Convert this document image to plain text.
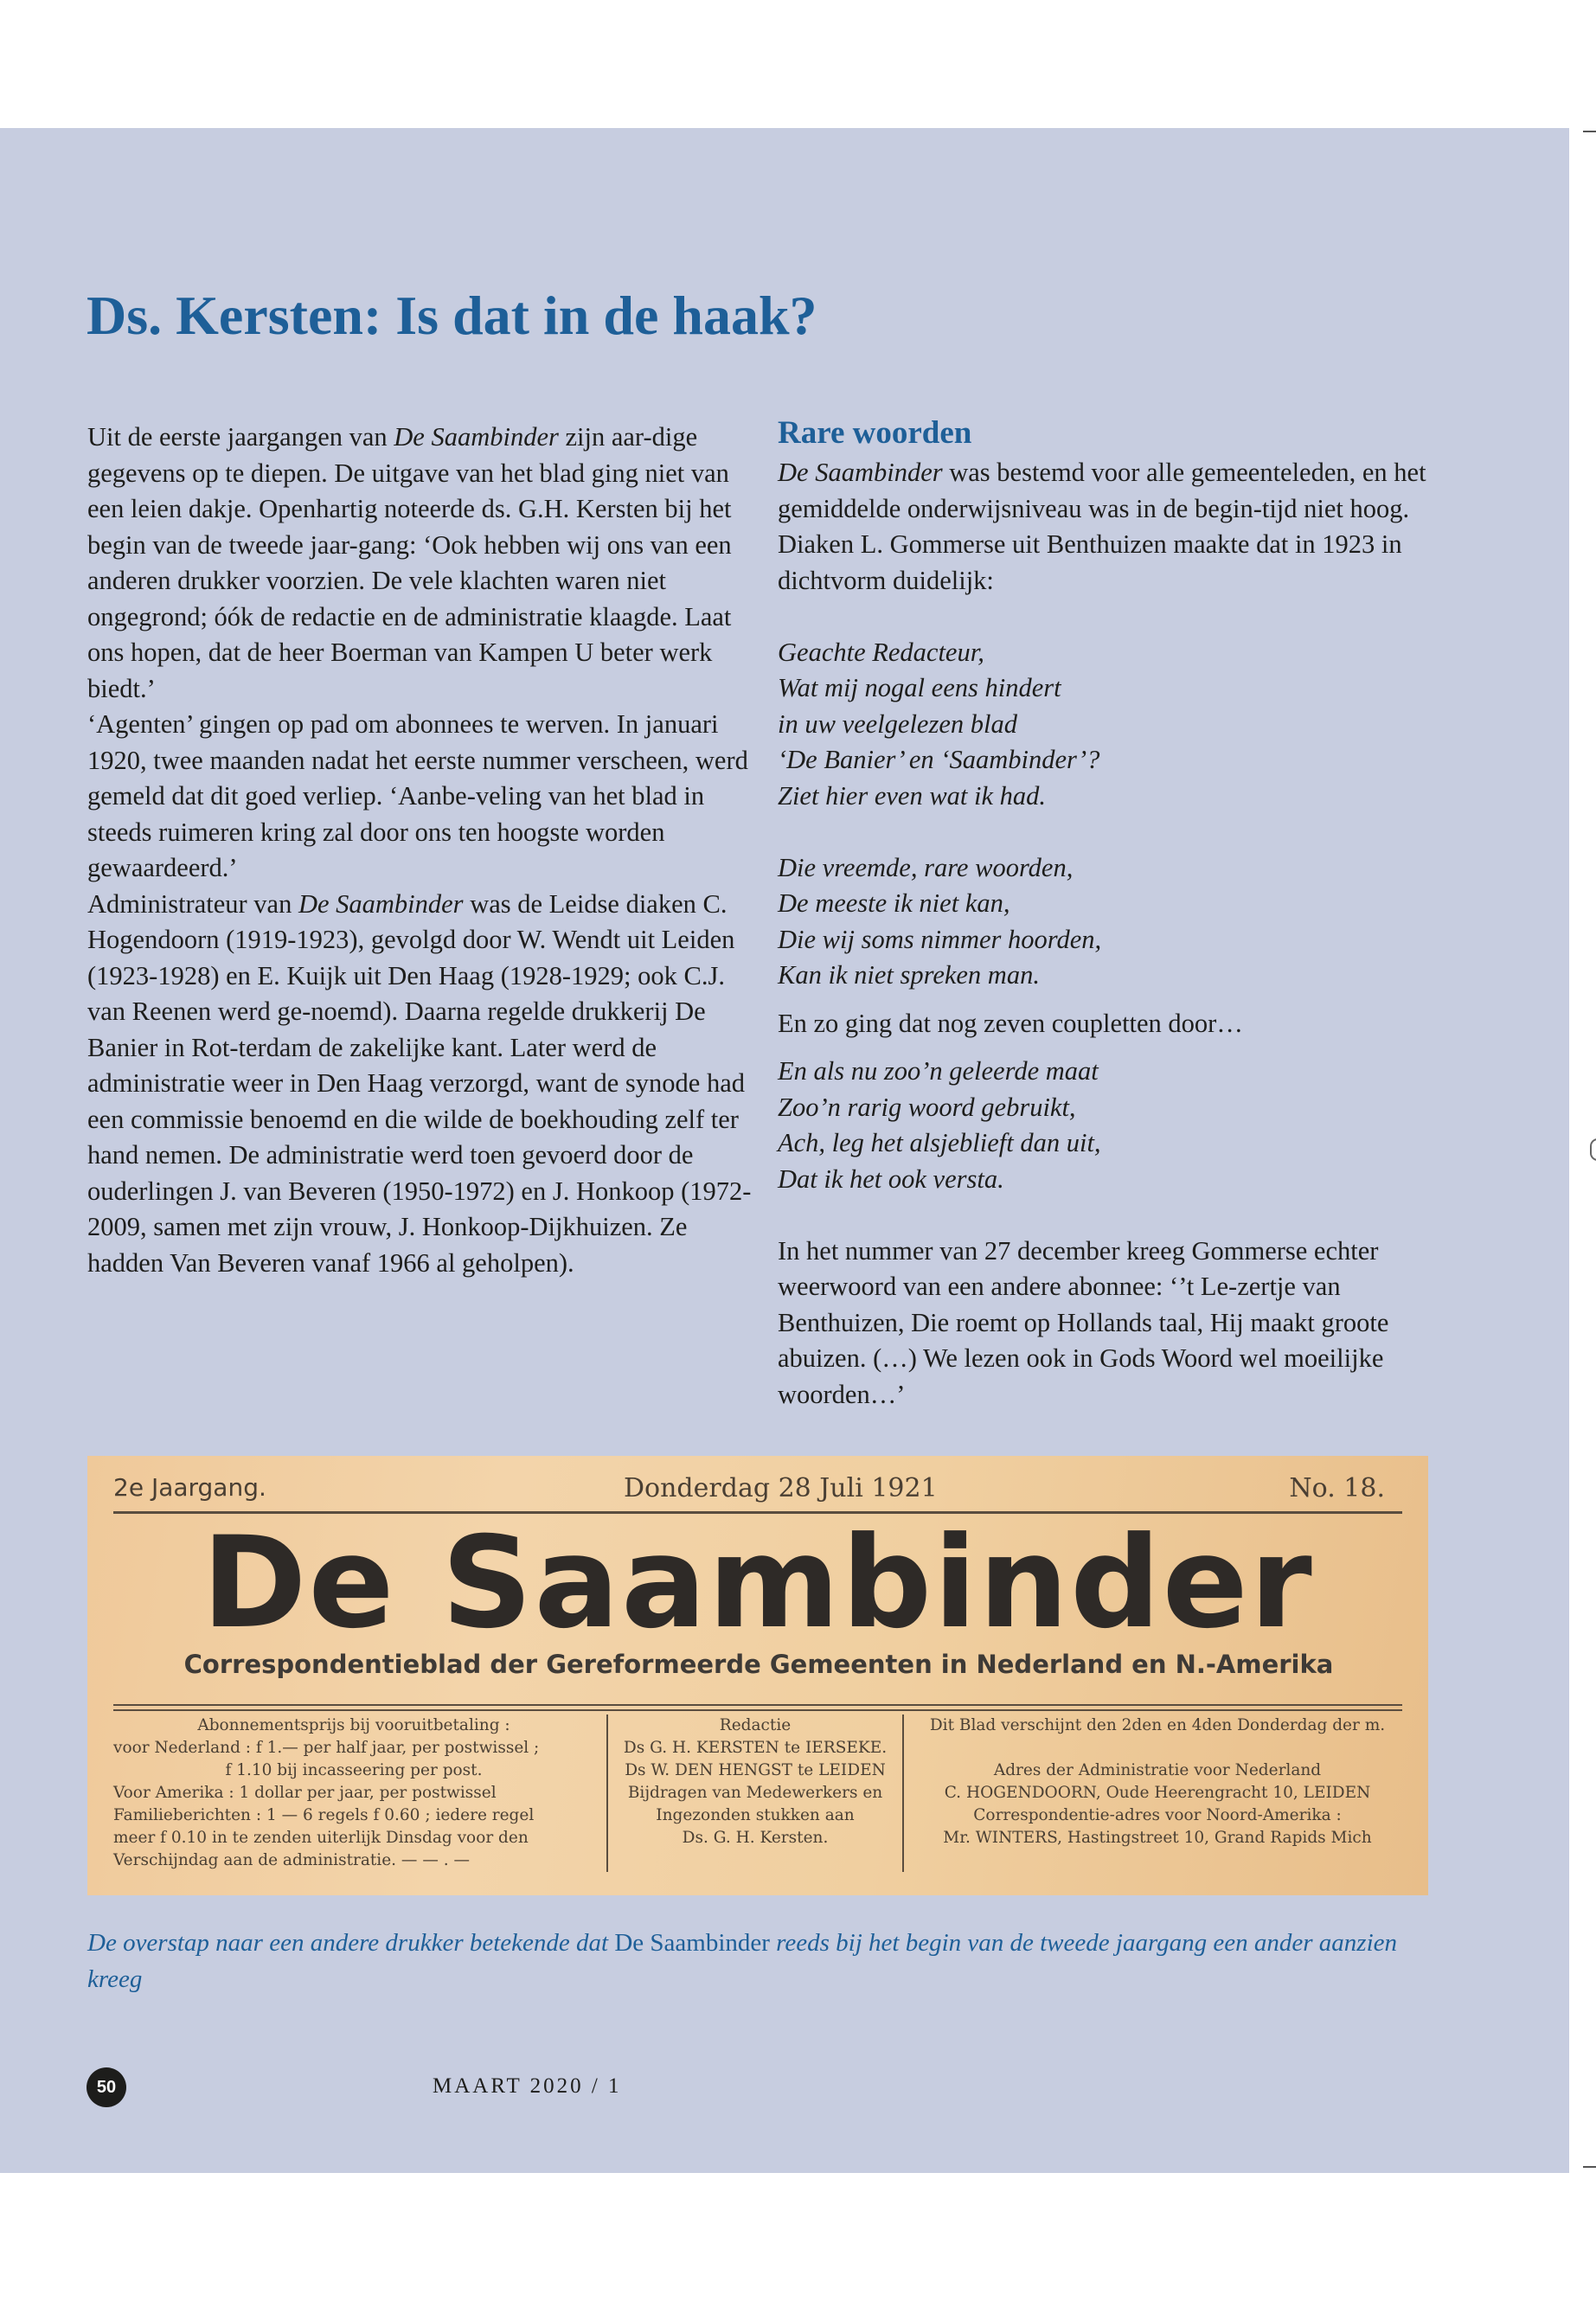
Ds. Kersten: Is dat in de haak?

Uit de eerste jaargangen van De Saambinder zijn aar-dige gegevens op te diepen. De uitgave van het blad ging niet van een leien dakje. Openhartig noteerde ds. G.H. Kersten bij het begin van de tweede jaar-gang: ‘Ook hebben wij ons van een anderen drukker voorzien. De vele klachten waren niet ongegrond; óók de redactie en de administratie klaagde. Laat ons hopen, dat de heer Boerman van Kampen U beter werk biedt.’

‘Agenten’ gingen op pad om abonnees te werven. In januari 1920, twee maanden nadat het eerste nummer verscheen, werd gemeld dat dit goed verliep. ‘Aanbe-veling van het blad in steeds ruimeren kring zal door ons ten hoogste worden gewaardeerd.’

Administrateur van De Saambinder was de Leidse diaken C. Hogendoorn (1919-1923), gevolgd door W. Wendt uit Leiden (1923-1928) en E. Kuijk uit Den Haag (1928-1929; ook C.J. van Reenen werd ge-noemd). Daarna regelde drukkerij De Banier in Rot-terdam de zakelijke kant. Later werd de administratie weer in Den Haag verzorgd, want de synode had een commissie benoemd en die wilde de boekhouding zelf ter hand nemen. De administratie werd toen gevoerd door de ouderlingen J. van Beveren (1950-1972) en J. Honkoop (1972-2009, samen met zijn vrouw, J. Honkoop-Dijkhuizen. Ze hadden Van Beveren vanaf 1966 al geholpen).

Rare woorden

De Saambinder was bestemd voor alle gemeenteleden, en het gemiddelde onderwijsniveau was in de begin-tijd niet hoog. Diaken L. Gommerse uit Benthuizen maakte dat in 1923 in dichtvorm duidelijk:

Geachte Redacteur,
Wat mij nogal eens hindert
in uw veelgelezen blad
‘De Banier’ en ‘Saambinder’?
Ziet hier even wat ik had.
Die vreemde, rare woorden,
De meeste ik niet kan,
Die wij soms nimmer hoorden,
Kan ik niet spreken man.

En zo ging dat nog zeven coupletten door…

En als nu zoo’n geleerde maat
Zoo’n rarig woord gebruikt,
Ach, leg het alsjeblieft dan uit,
Dat ik het ook versta.

In het nummer van 27 december kreeg Gommerse echter weerwoord van een andere abonnee: ‘’t Le-zertje van Benthuizen, Die roemt op Hollands taal, Hij maakt groote abuizen. (…) We lezen ook in Gods Woord wel moeilijke woorden…’

2e Jaargang.	Donderdag 28 Juli 1921	No. 18.
De Saambinder
Correspondentieblad der Gereformeerde Gemeenten in Nederland en N.-Amerika
Abonnementsprijs bij vooruitbetaling :
voor Nederland : f 1.— per half jaar, per postwissel ;
f 1.10 bij incasseering per post.
Voor Amerika : 1 dollar per jaar, per postwissel
Familieberichten : 1 — 6 regels f 0.60 ; iedere regel
meer f 0.10 in te zenden uiterlijk Dinsdag voor den
Verschijndag aan de administratie. — — . —
Redactie
Ds G. H. KERSTEN te IERSEKE.
Ds W. DEN HENGST te LEIDEN
Bijdragen van Medewerkers en
Ingezonden stukken aan
Ds. G. H. Kersten.
Dit Blad verschijnt den 2den en 4den Donderdag der m.
Adres der Administratie voor Nederland
C. HOGENDOORN, Oude Heerengracht 10, LEIDEN
Correspondentie-adres voor Noord-Amerika :
Mr. WINTERS, Hastingstreet 10, Grand Rapids Mich
De overstap naar een andere drukker betekende dat De Saambinder reeds bij het begin van de tweede jaargang een ander aanzien kreeg
50	MAART 2020 / 1
